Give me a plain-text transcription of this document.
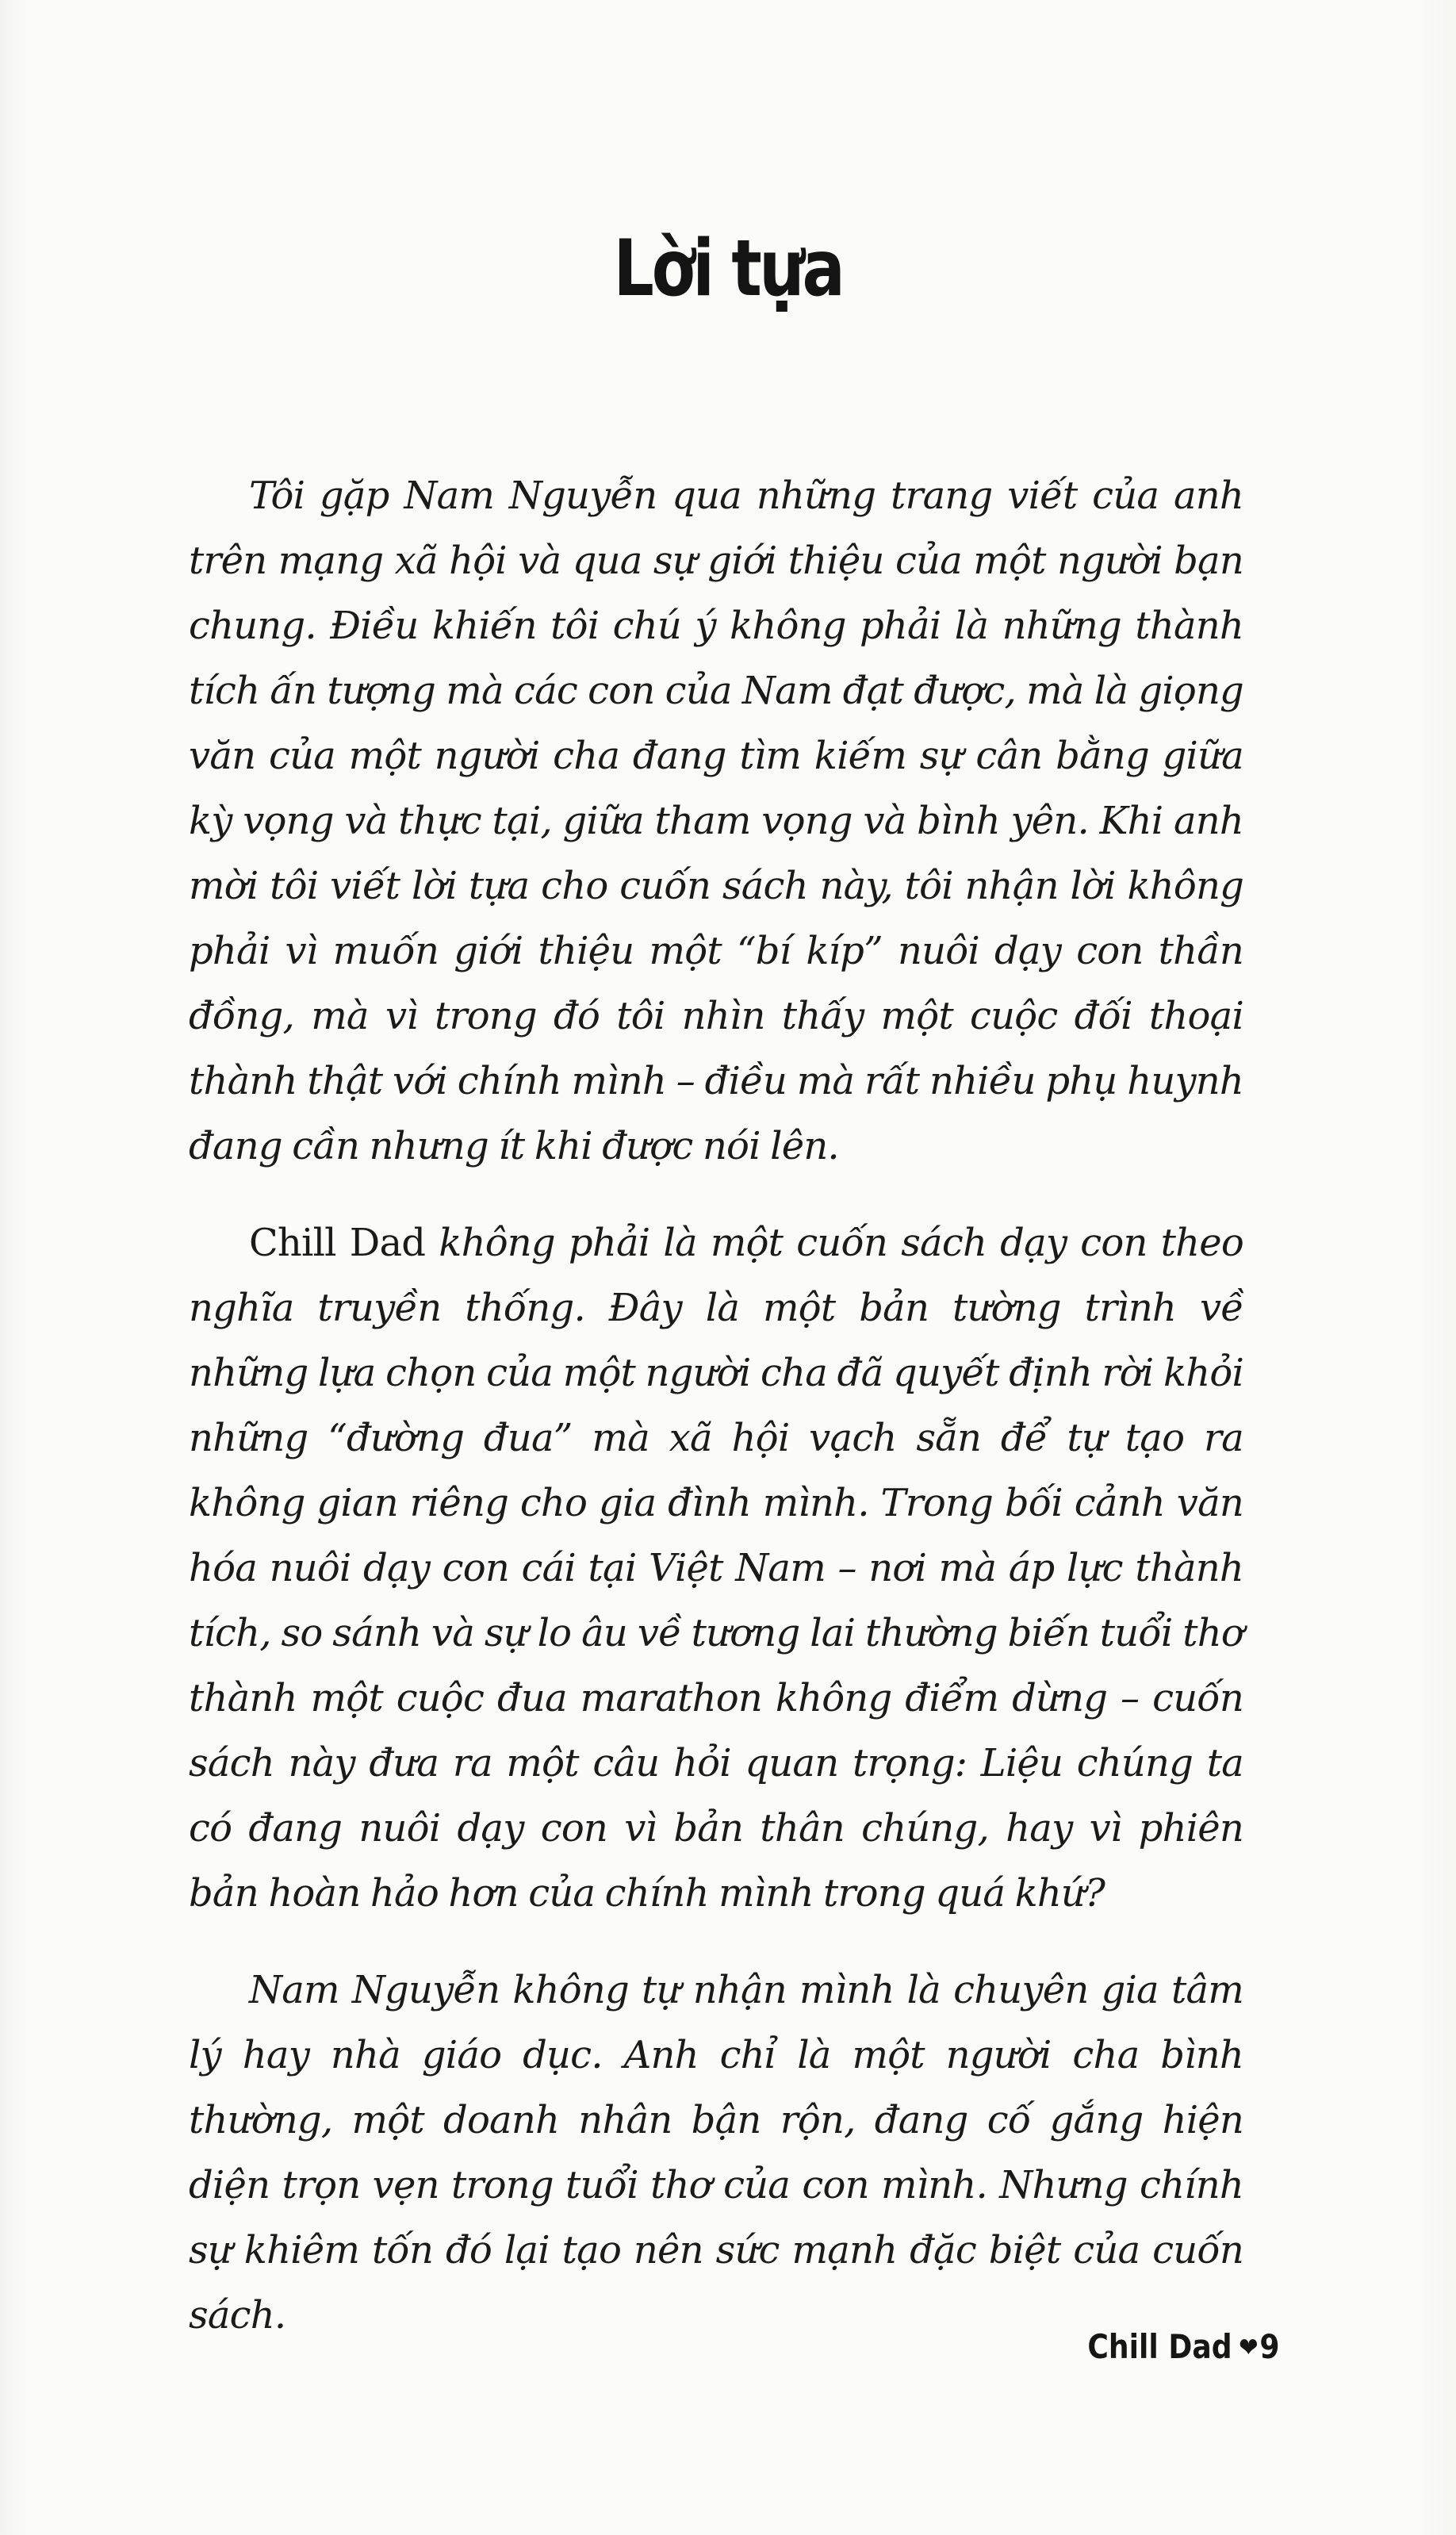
Lời tựa

Tôi gặp Nam Nguyễn qua những trang viết của anh trên mạng xã hội và qua sự giới thiệu của một người bạn chung. Điều khiến tôi chú ý không phải là những thành tích ấn tượng mà các con của Nam đạt được, mà là giọng văn của một người cha đang tìm kiếm sự cân bằng giữa kỳ vọng và thực tại, giữa tham vọng và bình yên. Khi anh mời tôi viết lời tựa cho cuốn sách này, tôi nhận lời không phải vì muốn giới thiệu một “bí kíp” nuôi dạy con thần đồng, mà vì trong đó tôi nhìn thấy một cuộc đối thoại thành thật với chính mình – điều mà rất nhiều phụ huynh đang cần nhưng ít khi được nói lên.

Chill Dad không phải là một cuốn sách dạy con theo nghĩa truyền thống. Đây là một bản tường trình về những lựa chọn của một người cha đã quyết định rời khỏi những “đường đua” mà xã hội vạch sẵn để tự tạo ra không gian riêng cho gia đình mình. Trong bối cảnh văn hóa nuôi dạy con cái tại Việt Nam – nơi mà áp lực thành tích, so sánh và sự lo âu về tương lai thường biến tuổi thơ thành một cuộc đua marathon không điểm dừng – cuốn sách này đưa ra một câu hỏi quan trọng: Liệu chúng ta có đang nuôi dạy con vì bản thân chúng, hay vì phiên bản hoàn hảo hơn của chính mình trong quá khứ?

Nam Nguyễn không tự nhận mình là chuyên gia tâm lý hay nhà giáo dục. Anh chỉ là một người cha bình thường, một doanh nhân bận rộn, đang cố gắng hiện diện trọn vẹn trong tuổi thơ của con mình. Nhưng chính sự khiêm tốn đó lại tạo nên sức mạnh đặc biệt của cuốn sách.

Chill Dad ❤9
